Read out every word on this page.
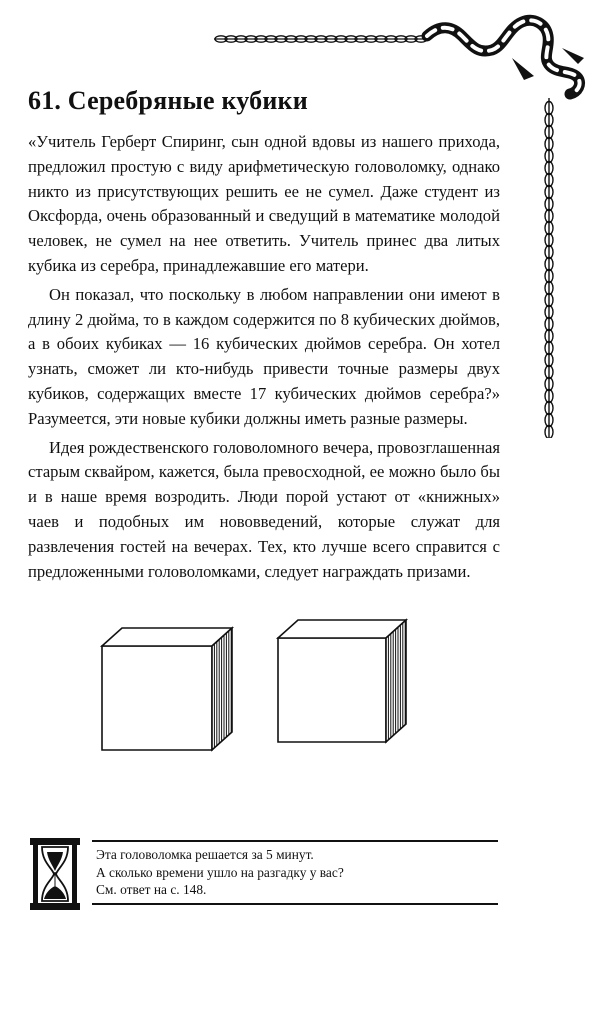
61. Серебряные кубики

«Учитель Герберт Спиринг, сын одной вдовы из нашего прихода, предложил простую с виду арифметическую головоломку, однако никто из присутствующих решить ее не сумел. Даже студент из Оксфорда, очень образованный и сведущий в математике молодой человек, не сумел на нее ответить. Учитель принес два литых кубика из серебра, принадлежавшие его матери.

Он показал, что поскольку в любом направлении они имеют в длину 2 дюйма, то в каждом содержится по 8 кубических дюймов, а в обоих кубиках — 16 кубических дюймов серебра. Он хотел узнать, сможет ли кто-нибудь привести точные размеры двух кубиков, содержащих вместе 17 кубических дюймов серебра?» Разумеется, эти новые кубики должны иметь разные размеры.

Идея рождественского головоломного вечера, провозглашенная старым сквайром, кажется, была превосходной, ее можно было бы и в наше время возродить. Люди порой устают от «книжных» чаев и подобных им нововведений, которые служат для развлечения гостей на вечерах. Тех, кто лучше всего справится с предложенными головоломками, следует награждать призами.

Эта головоломка решается за 5 минут.
А сколько времени ушло на разгадку у вас?
См. ответ на с. 148.
